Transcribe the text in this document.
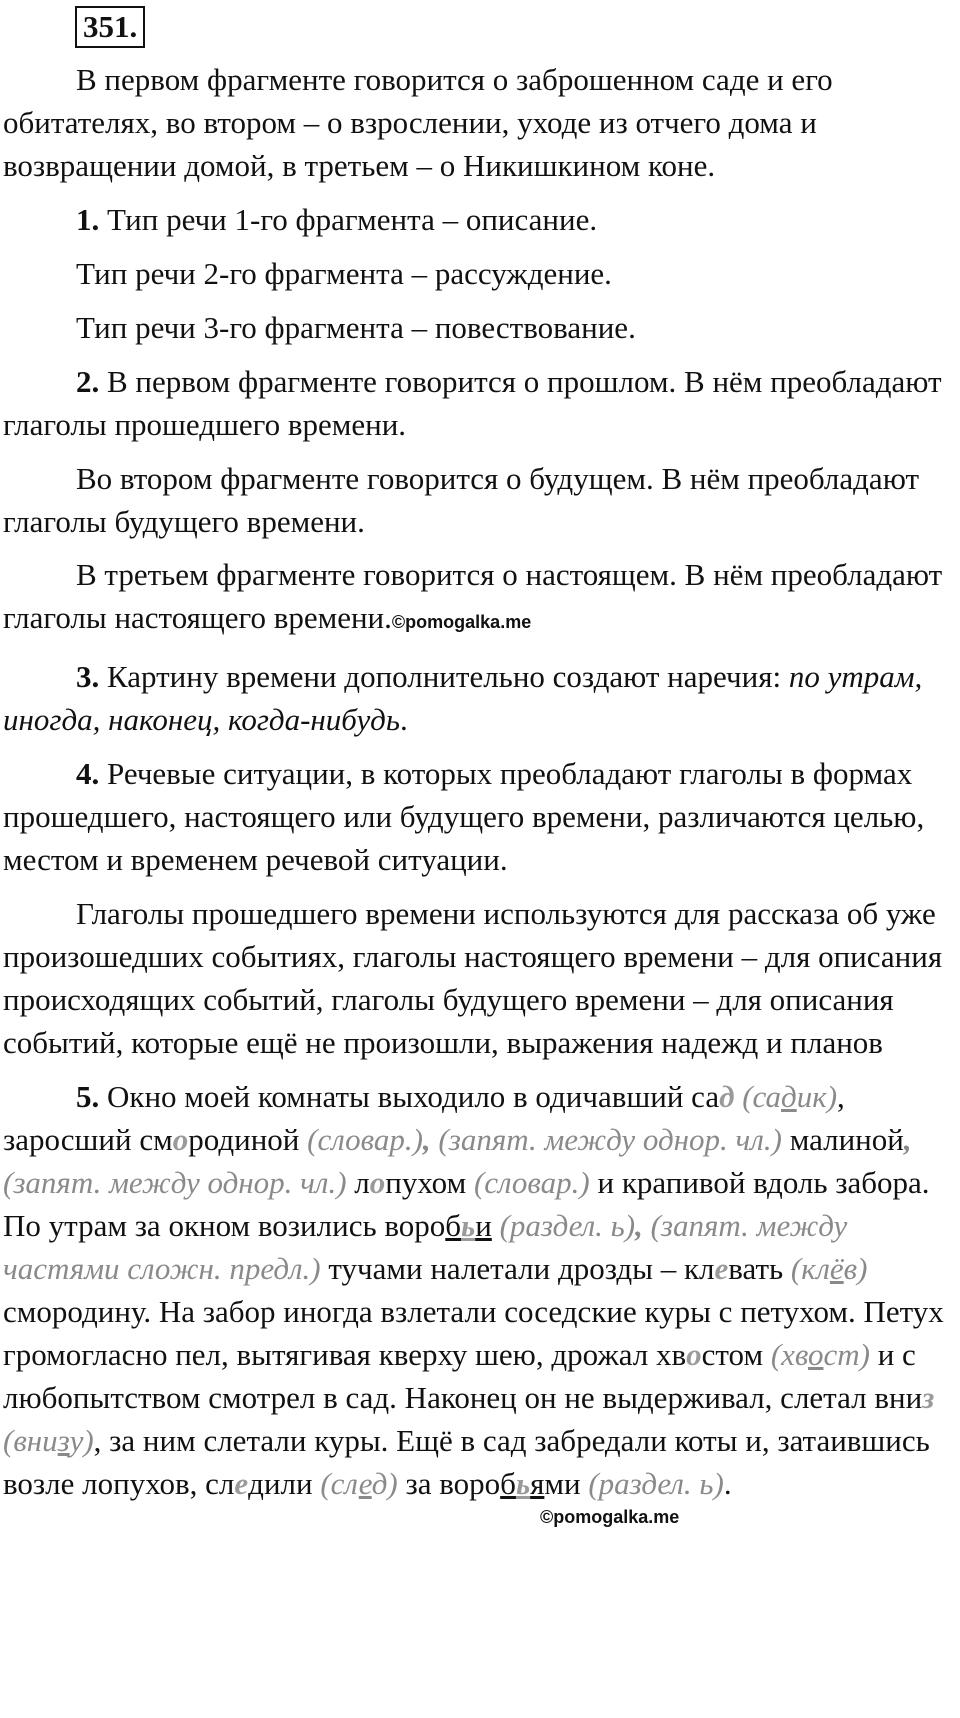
351.

В первом фрагменте говорится о заброшенном саде и его обитателях, во втором – о взрослении, уходе из отчего дома и возвращении домой, в третьем – о Никишкином коне.

1. Тип речи 1-го фрагмента – описание.

Тип речи 2-го фрагмента – рассуждение.

Тип речи 3-го фрагмента – повествование.

2. В первом фрагменте говорится о прошлом. В нём преобладают глаголы прошедшего времени.

Во втором фрагменте говорится о будущем. В нём преобладают глаголы будущего времени.

В третьем фрагменте говорится о настоящем. В нём преобладают глаголы настоящего времени.©pomogalka.me

3. Картину времени дополнительно создают наречия: по утрам, иногда, наконец, когда-нибудь.

4. Речевые ситуации, в которых преобладают глаголы в формах прошедшего, настоящего или будущего времени, различаются целью, местом и временем речевой ситуации.

Глаголы прошедшего времени используются для рассказа об уже произошедших событиях, глаголы настоящего времени – для описания происходящих событий, глаголы будущего времени – для описания событий, которые ещё не произошли, выражения надежд и планов

5. Окно моей комнаты выходило в одичавший сад (садик), заросший смородиной (словар.), (запят. между однор. чл.) малиной, (запят. между однор. чл.) лопухом (словар.) и крапивой вдоль забора. По утрам за окном возились воробьи (раздел. ь), (запят. между частями сложн. предл.) тучами налетали дрозды – клевать (клёв) смородину. На забор иногда взлетали соседские куры с петухом. Петух громогласно пел, вытягивая кверху шею, дрожал хвостом (хвост) и с любопытством смотрел в сад. Наконец он не выдерживал, слетал вниз (внизу), за ним слетали куры. Ещё в сад забредали коты и, затаившись возле лопухов, следили (след) за воробьями (раздел. ь).

©pomogalka.me
